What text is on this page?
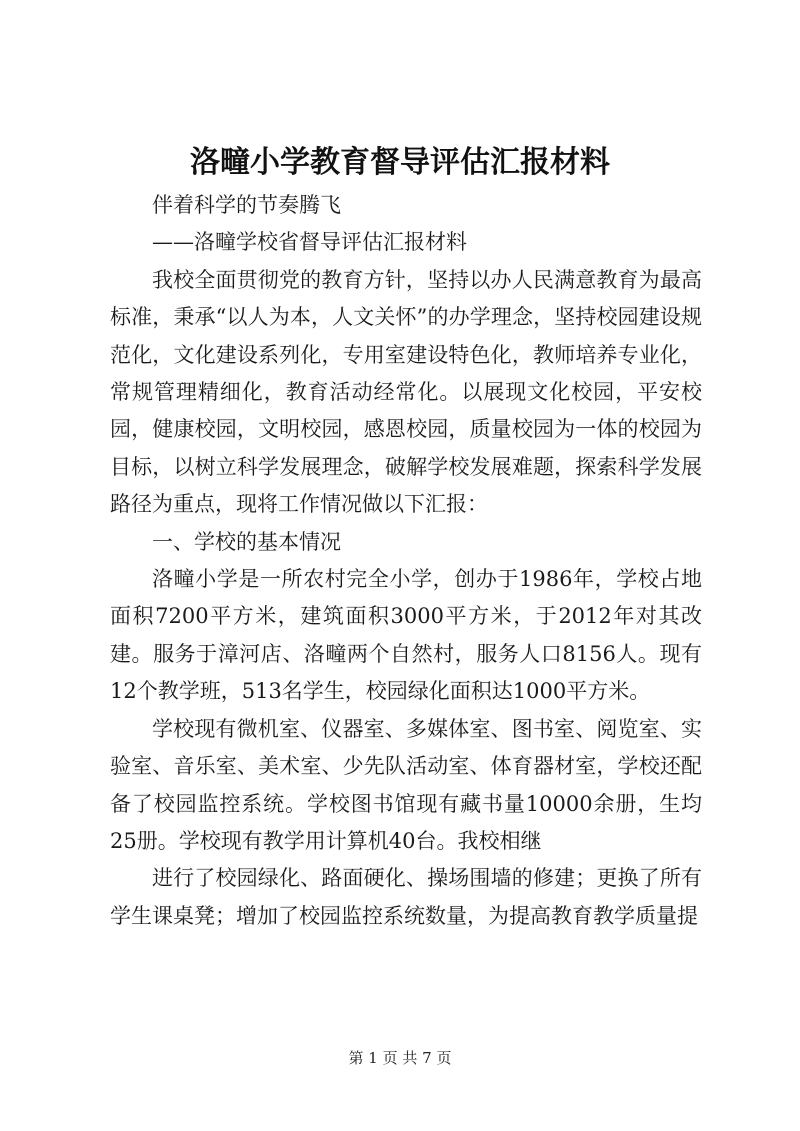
洛疃小学教育督导评估汇报材料

伴着科学的节奏腾飞

——洛疃学校省督导评估汇报材料

我校全面贯彻党的教育方针，坚持以办人民满意教育为最高标准，秉承“以人为本，人文关怀”的办学理念，坚持校园建设规范化，文化建设系列化，专用室建设特色化，教师培养专业化，常规管理精细化，教育活动经常化。以展现文化校园，平安校园，健康校园，文明校园，感恩校园，质量校园为一体的校园为目标，以树立科学发展理念，破解学校发展难题，探索科学发展路径为重点，现将工作情况做以下汇报：

一、学校的基本情况

洛疃小学是一所农村完全小学，创办于1986年，学校占地面积7200平方米，建筑面积3000平方米，于2012年对其改建。服务于漳河店、洛疃两个自然村，服务人口8156人。现有12个教学班，513名学生，校园绿化面积达1000平方米。

学校现有微机室、仪器室、多媒体室、图书室、阅览室、实验室、音乐室、美术室、少先队活动室、体育器材室，学校还配备了校园监控系统。学校图书馆现有藏书量10000余册，生均25册。学校现有教学用计算机40台。我校相继

进行了校园绿化、路面硬化、操场围墙的修建；更换了所有学生课桌凳；增加了校园监控系统数量，为提高教育教学质量提

第 1 页 共 7 页
